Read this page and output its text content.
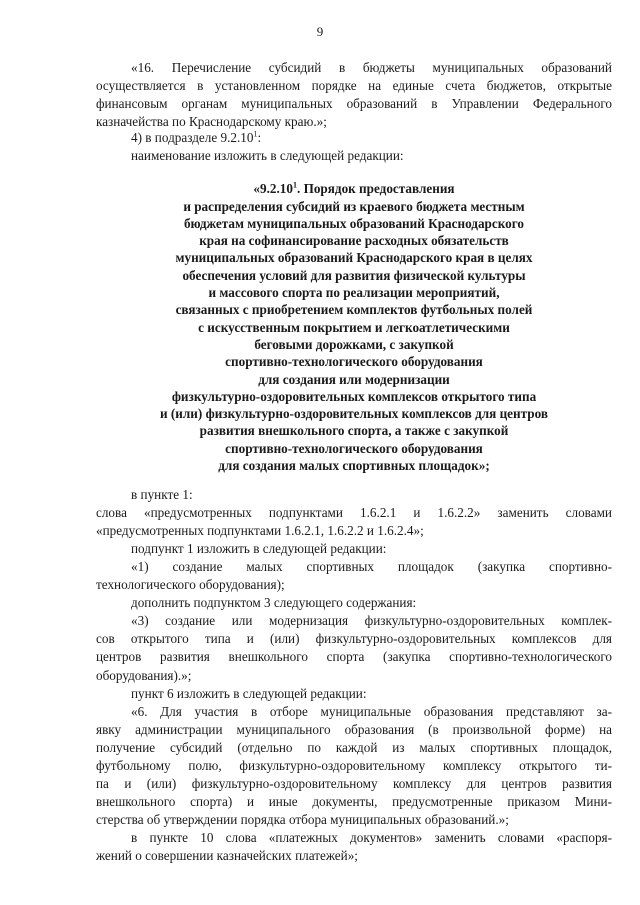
9
«16. Перечисление субсидий в бюджеты муниципальных образований
осуществляется в установленном порядке на единые счета бюджетов, открытые
финансовым органам муниципальных образований в Управлении Федерального
казначейства по Краснодарскому краю.»;
4) в подразделе 9.2.10$^1$:
наименование изложить в следующей редакции:
«9.2.10$^1$. Порядок предоставления
и распределения субсидий из краевого бюджета местным
бюджетам муниципальных образований Краснодарского
края на софинансирование расходных обязательств
муниципальных образований Краснодарского края в целях
обеспечения условий для развития физической культуры
и массового спорта по реализации мероприятий,
связанных с приобретением комплектов футбольных полей
с искусственным покрытием и легкоатлетическими
беговыми дорожками, с закупкой
спортивно-технологического оборудования
для создания или модернизации
физкультурно-оздоровительных комплексов открытого типа
и (или) физкультурно-оздоровительных комплексов для центров
развития внешкольного спорта, а также с закупкой
спортивно-технологического оборудования
для создания малых спортивных площадок»;
в пункте 1:
слова «предусмотренных подпунктами 1.6.2.1 и 1.6.2.2» заменить словами
«предусмотренных подпунктами 1.6.2.1, 1.6.2.2 и 1.6.2.4»;
подпункт 1 изложить в следующей редакции:
«1) создание малых спортивных площадок (закупка спортивно-
технологического оборудования);
дополнить подпунктом 3 следующего содержания:
«3) создание или модернизация физкультурно-оздоровительных комплек-
сов открытого типа и (или) физкультурно-оздоровительных комплексов для
центров развития внешкольного спорта (закупка спортивно-технологического
оборудования).»;
пункт 6 изложить в следующей редакции:
«6. Для участия в отборе муниципальные образования представляют за-
явку администрации муниципального образования (в произвольной форме) на
получение субсидий (отдельно по каждой из малых спортивных площадок,
футбольному полю, физкультурно-оздоровительному комплексу открытого ти-
па и (или) физкультурно-оздоровительному комплексу для центров развития
внешкольного спорта) и иные документы, предусмотренные приказом Мини-
стерства об утверждении порядка отбора муниципальных образований.»;
в пункте 10 слова «платежных документов» заменить словами «распоря-
жений о совершении казначейских платежей»;
